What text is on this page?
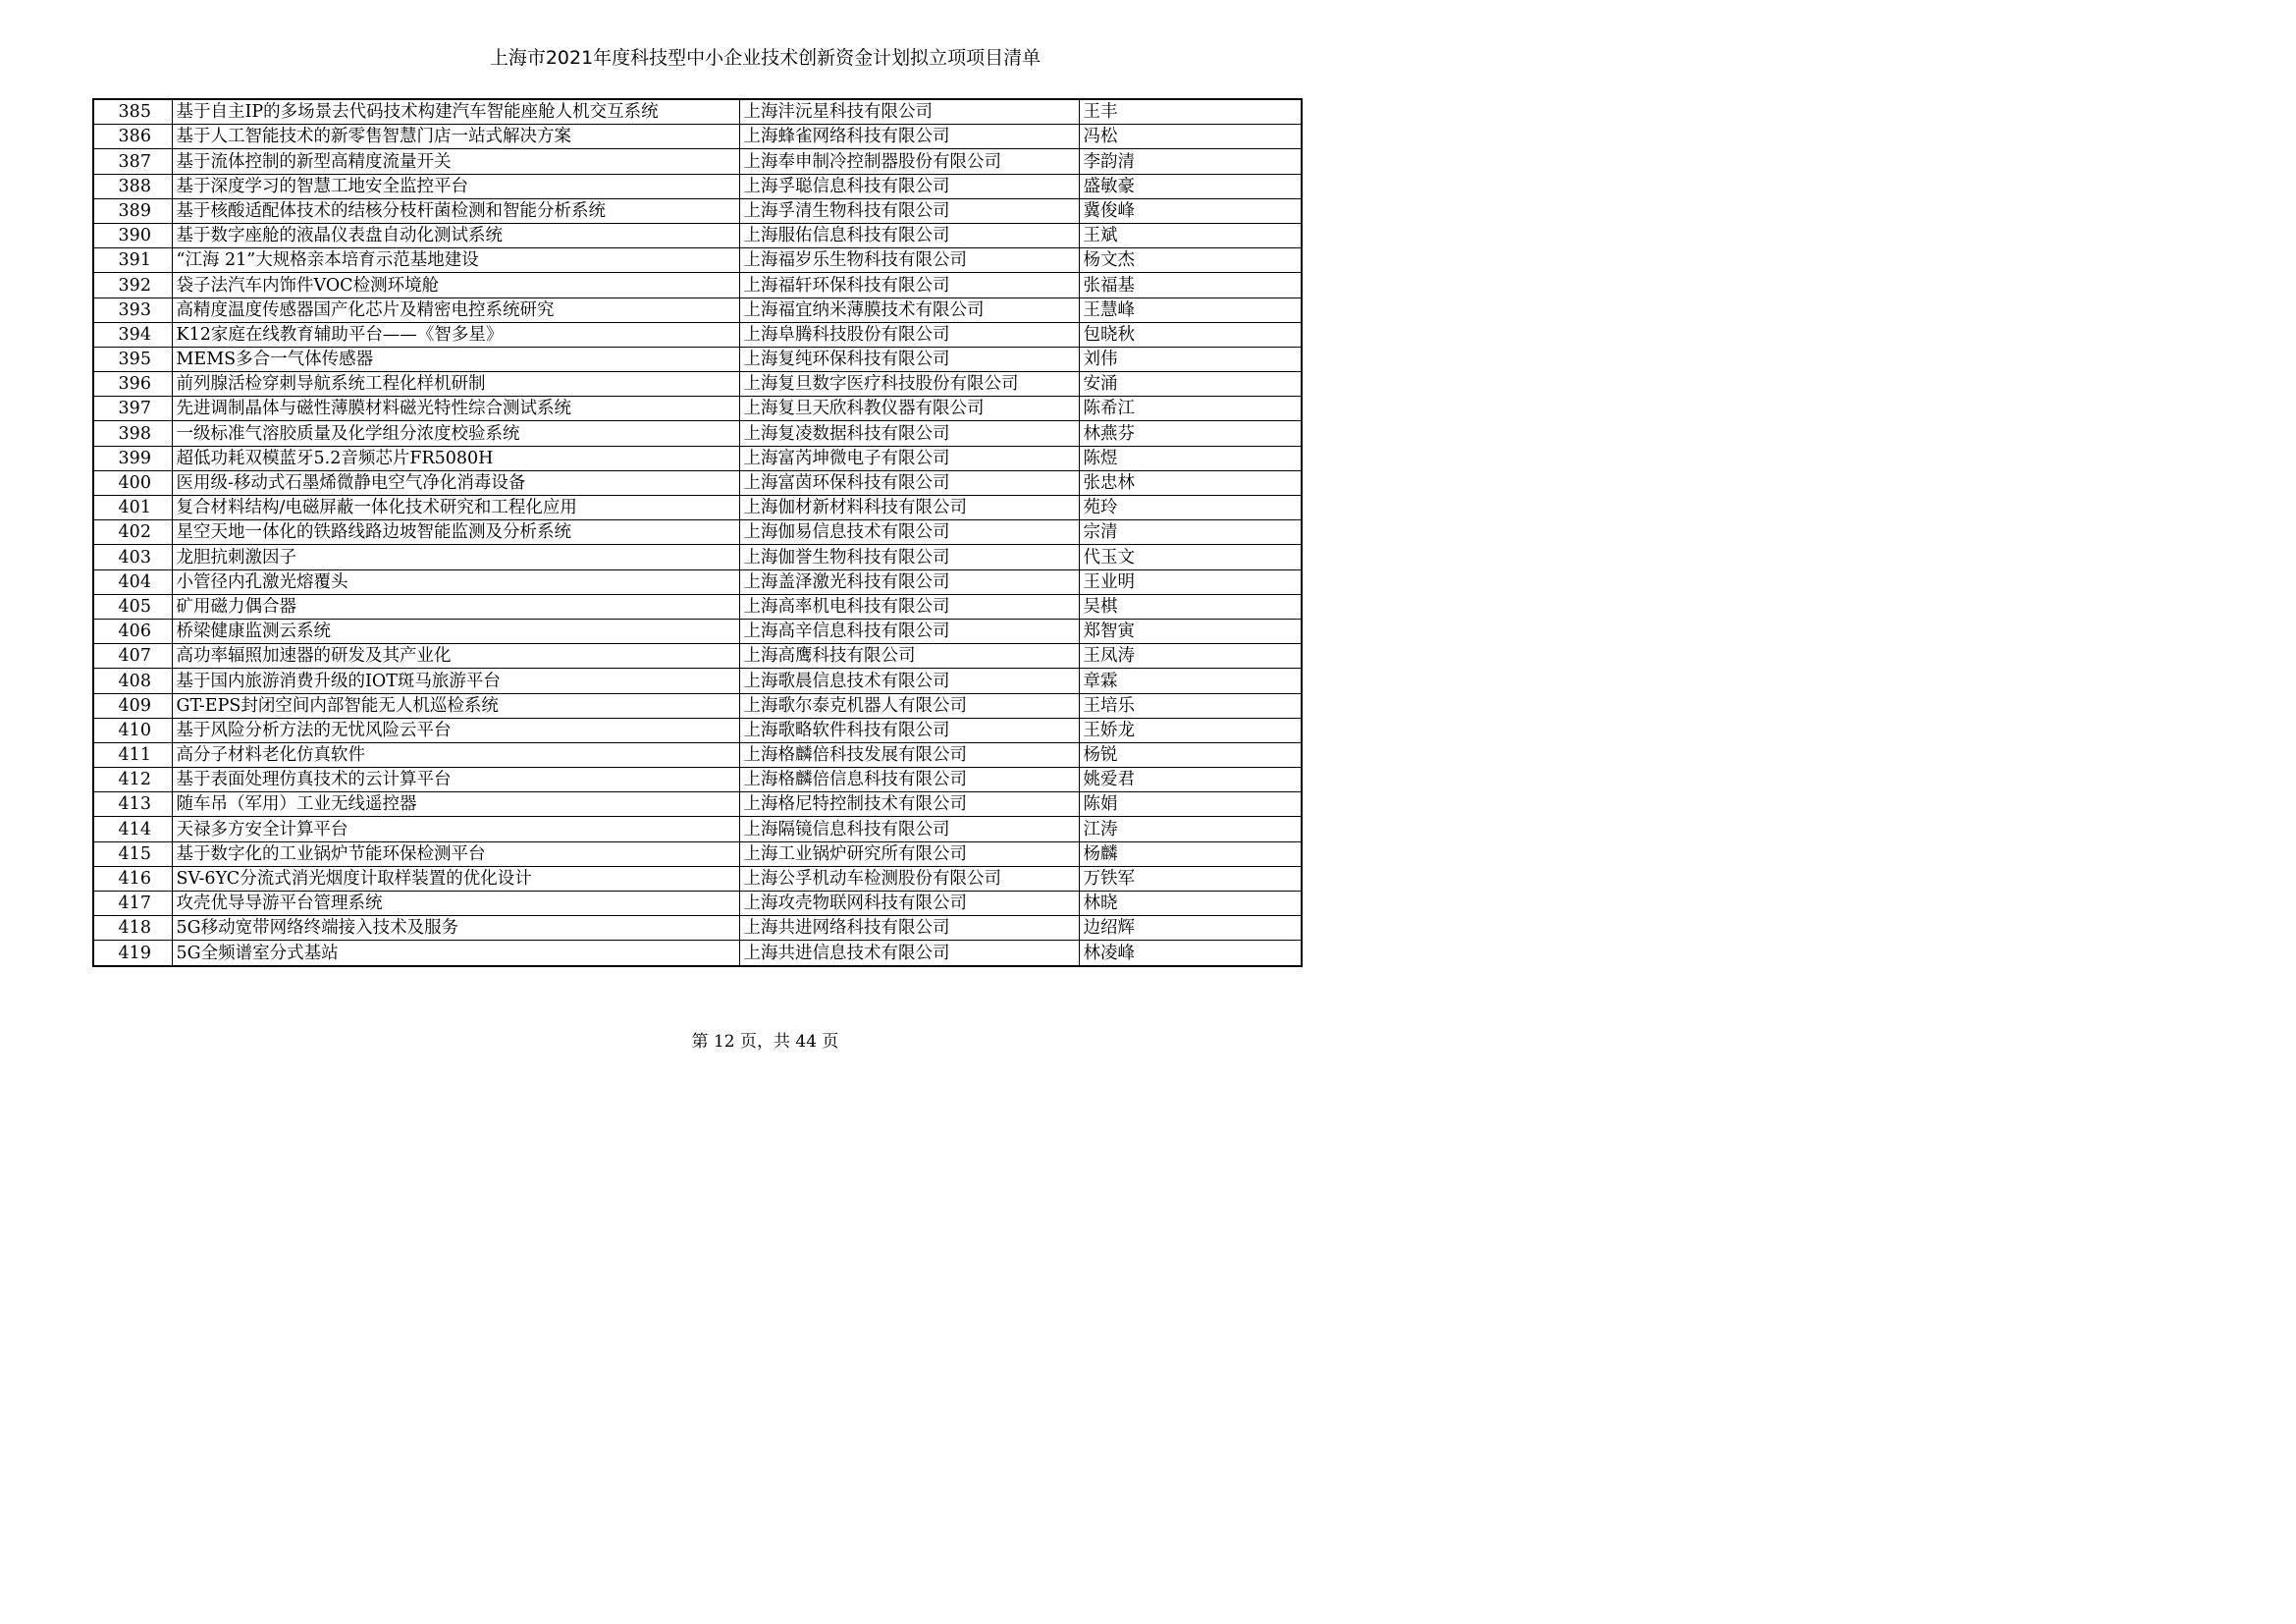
上海市2021年度科技型中小企业技术创新资金计划拟立项项目清单
385	基于自主IP的多场景去代码技术构建汽车智能座舱人机交互系统	上海沣沅星科技有限公司	王丰
386	基于人工智能技术的新零售智慧门店一站式解决方案	上海蜂雀网络科技有限公司	冯松
387	基于流体控制的新型高精度流量开关	上海奉申制冷控制器股份有限公司	李韵清
388	基于深度学习的智慧工地安全监控平台	上海孚聪信息科技有限公司	盛敏豪
389	基于核酸适配体技术的结核分枝杆菌检测和智能分析系统	上海孚清生物科技有限公司	冀俊峰
390	基于数字座舱的液晶仪表盘自动化测试系统	上海服佑信息科技有限公司	王斌
391	“江海 21”大规格亲本培育示范基地建设	上海福岁乐生物科技有限公司	杨文杰
392	袋子法汽车内饰件VOC检测环境舱	上海福轩环保科技有限公司	张福基
393	高精度温度传感器国产化芯片及精密电控系统研究	上海福宜纳米薄膜技术有限公司	王慧峰
394	K12家庭在线教育辅助平台——《智多星》	上海阜腾科技股份有限公司	包晓秋
395	MEMS多合一气体传感器	上海复纯环保科技有限公司	刘伟
396	前列腺活检穿刺导航系统工程化样机研制	上海复旦数字医疗科技股份有限公司	安涌
397	先进调制晶体与磁性薄膜材料磁光特性综合测试系统	上海复旦天欣科教仪器有限公司	陈希江
398	一级标准气溶胶质量及化学组分浓度校验系统	上海复凌数据科技有限公司	林燕芬
399	超低功耗双模蓝牙5.2音频芯片FR5080H	上海富芮坤微电子有限公司	陈煜
400	医用级-移动式石墨烯微静电空气净化消毒设备	上海富茵环保科技有限公司	张忠林
401	复合材料结构/电磁屏蔽一体化技术研究和工程化应用	上海伽材新材料科技有限公司	苑玲
402	星空天地一体化的铁路线路边坡智能监测及分析系统	上海伽易信息技术有限公司	宗清
403	龙胆抗刺激因子	上海伽誉生物科技有限公司	代玉文
404	小管径内孔激光熔覆头	上海盖泽激光科技有限公司	王业明
405	矿用磁力偶合器	上海高率机电科技有限公司	吴棋
406	桥梁健康监测云系统	上海高辛信息科技有限公司	郑智寅
407	高功率辐照加速器的研发及其产业化	上海高鹰科技有限公司	王凤涛
408	基于国内旅游消费升级的IOT斑马旅游平台	上海歌晨信息技术有限公司	章霖
409	GT-EPS封闭空间内部智能无人机巡检系统	上海歌尔泰克机器人有限公司	王培乐
410	基于风险分析方法的无忧风险云平台	上海歌略软件科技有限公司	王娇龙
411	高分子材料老化仿真软件	上海格麟倍科技发展有限公司	杨锐
412	基于表面处理仿真技术的云计算平台	上海格麟倍信息科技有限公司	姚爱君
413	随车吊（军用）工业无线遥控器	上海格尼特控制技术有限公司	陈娟
414	天禄多方安全计算平台	上海隔镜信息科技有限公司	江涛
415	基于数字化的工业锅炉节能环保检测平台	上海工业锅炉研究所有限公司	杨麟
416	SV-6YC分流式消光烟度计取样装置的优化设计	上海公孚机动车检测股份有限公司	万铁军
417	攻壳优导导游平台管理系统	上海攻壳物联网科技有限公司	林晓
418	5G移动宽带网络终端接入技术及服务	上海共进网络科技有限公司	边绍辉
419	5G全频谱室分式基站	上海共进信息技术有限公司	林凌峰
第 12 页，共 44 页
